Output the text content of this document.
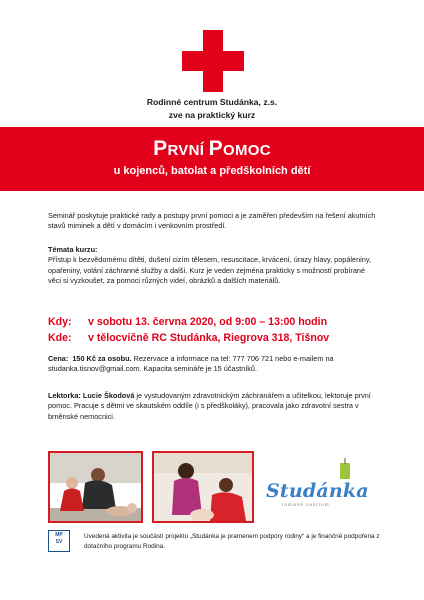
Rodinné centrum Studánka, z.s.
zve na praktický kurz
PRVNÍ POMOC
u kojenců, batolat a předškolních dětí
Seminář poskytuje praktické rady a postupy první pomoci a je zaměřen především na řešení akutních stavů miminek a dětí v domácím i venkovním prostředí.
Témata kurzu:
Přístup k bezvědomému dítěti, dušení cizím tělesem, resuscitace, krvácení, úrazy hlavy, popáleniny, opařeniny, volání záchranné služby a další. Kurz je veden zejména prakticky s možností probírané věci si vyzkoušet, za pomoci různých videí, obrázků a dalších materiálů.
Kdy:	v sobotu 13. června 2020, od 9:00 – 13:00 hodin
Kde:	v tělocvičně RC Studánka, Riegrova 318, Tišnov
Cena: 150 Kč za osobu. Rezervace a informace na tel: 777 706 721 nebo e-mailem na studanka.tisnov@gmail.com. Kapacita semináře je 15 účastníků.
Lektorka: Lucie Škodová je vystudovaným zdravotnickým záchranářem a učitelkou, lektoruje první pomoc. Pracuje s dětmi ve skautském oddíle (i s předškoláky), pracovala jako zdravotní sestra v brněnské nemocnici.
Studánka
rodinné centrum
MP
SV
Uvedená aktivita je součástí projektu „Studánka je pramenem podpory rodiny“ a je finančně podpořena z dotačního programu Rodina.
